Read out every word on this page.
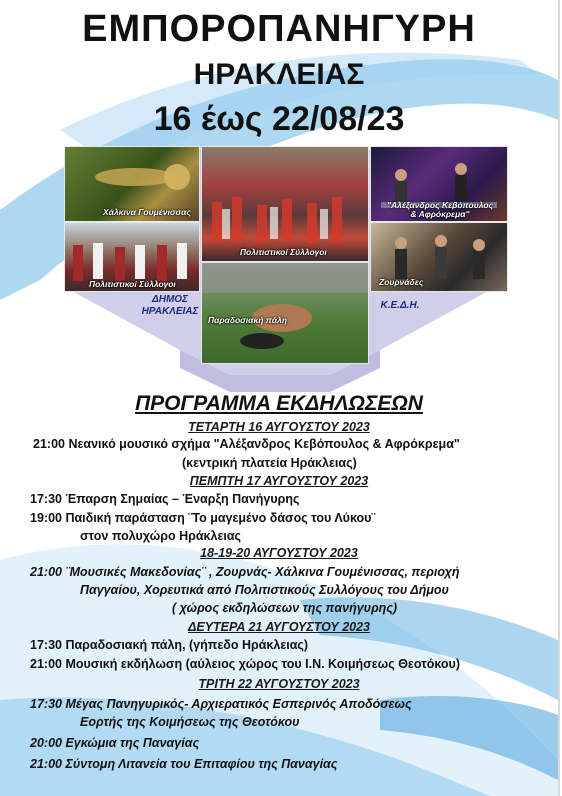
ΕΜΠΟΡΟΠΑΝΗΓΥΡΗ
ΗΡΑΚΛΕΙΑΣ
16 έως 22/08/23
Χάλκινα Γουμένισσας
Πολιτιστικοί Σύλλογοι
"Αλέξανδρος Κεβόπουλος & Αφρόκρεμα"
Πολιτιστικοί Σύλλογοι
Παραδοσιακή πάλη
Ζουρνάδες
ΔΗΜΟΣ ΗΡΑΚΛΕΙΑΣ
Κ.Ε.Δ.Η.
ΠΡΟΓΡΑΜΜΑ ΕΚΔΗΛΩΣΕΩΝ
ΤΕΤΑΡΤΗ 16 ΑΥΓΟΥΣΤΟΥ 2023
21:00 Νεανικό μουσικό σχήμα "Αλέξανδρος Κεβόπουλος & Αφρόκρεμα"
(κεντρική πλατεία Ηράκλειας)
ΠΕΜΠΤΗ 17 ΑΥΓΟΥΣΤΟΥ 2023
17:30 Έπαρση Σημαίας – Έναρξη Πανήγυρης
19:00 Παιδική παράσταση ¨Το μαγεμένο δάσος του Λύκου¨
στον πολυχώρο Ηράκλειας
18-19-20 ΑΥΓΟΥΣΤΟΥ 2023
21:00 ¨Μουσικές Μακεδονίας¨ , Ζουρνάς- Χάλκινα Γουμένισσας, περιοχή
Παγγαίου, Χορευτικά από Πολιτιστικούς Συλλόγους του Δήμου
( χώρος εκδηλώσεων της πανήγυρης)
ΔΕΥΤΕΡΑ 21 ΑΥΓΟΥΣΤΟΥ 2023
17:30 Παραδοσιακή πάλη, (γήπεδο Ηράκλειας)
21:00 Μουσική εκδήλωση (αύλειος χώρος του Ι.Ν. Κοιμήσεως Θεοτόκου)
ΤΡΙΤΗ 22 ΑΥΓΟΥΣΤΟΥ 2023
17:30 Μέγας Πανηγυρικός- Αρχιερατικός Εσπερινός Αποδόσεως
Εορτής της Κοιμήσεως της Θεοτόκου
20:00 Εγκώμια της Παναγίας
21:00 Σύντομη Λιτανεία του Επιταφίου της Παναγίας
